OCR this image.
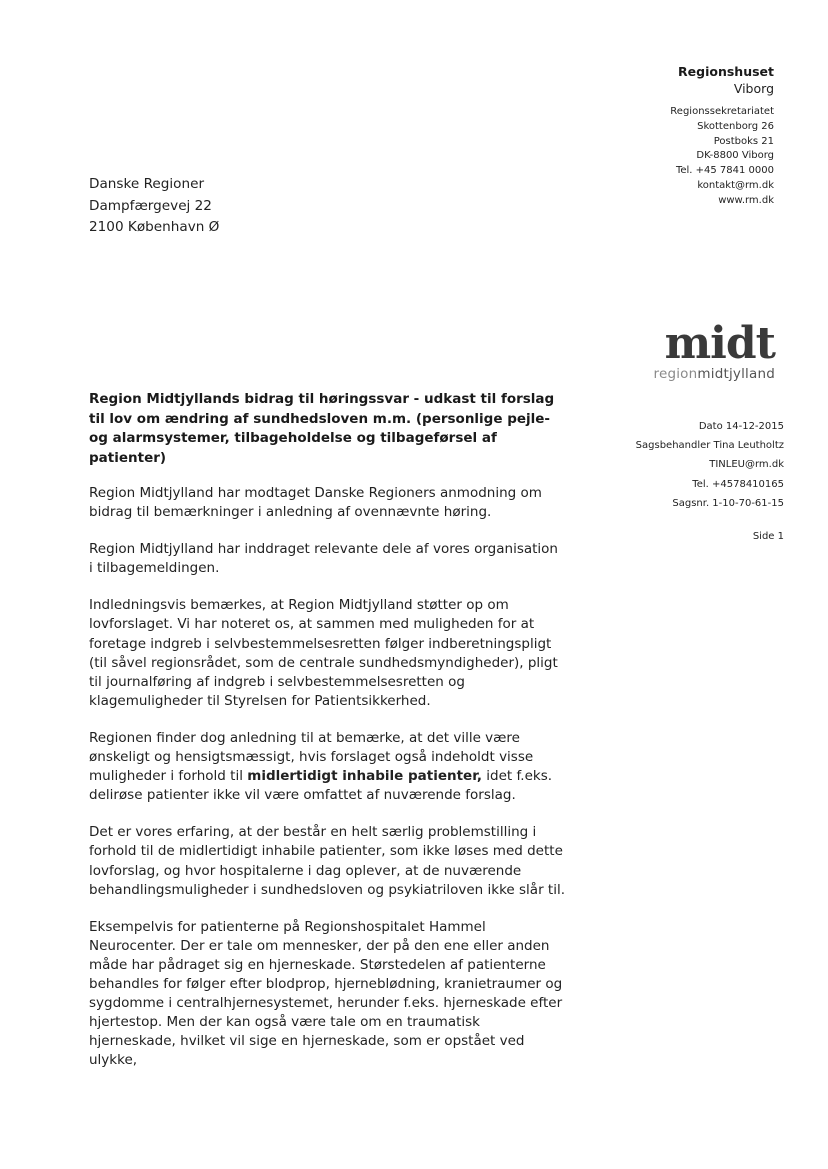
Regionshuset
Viborg
Regionssekretariatet
Skottenborg 26
Postboks 21
DK-8800 Viborg
Tel. +45 7841 0000
kontakt@rm.dk
www.rm.dk
Danske Regioner
Dampfærgevej 22
2100 København Ø
midt
regionmidtjylland
Dato 14-12-2015
Sagsbehandler Tina Leutholtz
TINLEU@rm.dk
Tel. +4578410165
Sagsnr. 1-10-70-61-15
Side 1
Region Midtjyllands bidrag til høringssvar - udkast til forslag til lov om ændring af sundhedsloven m.m. (personlige pejle- og alarmsystemer, tilbageholdelse og tilbageførsel af patienter)

Region Midtjylland har modtaget Danske Regioners anmodning om
bidrag til bemærkninger i anledning af ovennævnte høring.

Region Midtjylland har inddraget relevante dele af vores organisation
i tilbagemeldingen.

Indledningsvis bemærkes, at Region Midtjylland støtter op om
lovforslaget. Vi har noteret os, at sammen med muligheden for at
foretage indgreb i selvbestemmelsesretten følger indberetningspligt
(til såvel regionsrådet, som de centrale sundhedsmyndigheder), pligt
til journalføring af indgreb i selvbestemmelsesretten og
klagemuligheder til Styrelsen for Patientsikkerhed.

Regionen finder dog anledning til at bemærke, at det ville være
ønskeligt og hensigtsmæssigt, hvis forslaget også indeholdt visse
muligheder i forhold til midlertidigt inhabile patienter, idet f.eks.
delirøse patienter ikke vil være omfattet af nuværende forslag.

Det er vores erfaring, at der består en helt særlig problemstilling i
forhold til de midlertidigt inhabile patienter, som ikke løses med dette
lovforslag, og hvor hospitalerne i dag oplever, at de nuværende
behandlingsmuligheder i sundhedsloven og psykiatriloven ikke slår til.

Eksempelvis for patienterne på Regionshospitalet Hammel
Neurocenter. Der er tale om mennesker, der på den ene eller anden
måde har pådraget sig en hjerneskade. Størstedelen af patienterne
behandles for følger efter blodprop, hjerneblødning, kranietraumer og
sygdomme i centralhjernesystemet, herunder f.eks. hjerneskade efter
hjertestop. Men der kan også være tale om en traumatisk
hjerneskade, hvilket vil sige en hjerneskade, som er opstået ved
ulykke,
